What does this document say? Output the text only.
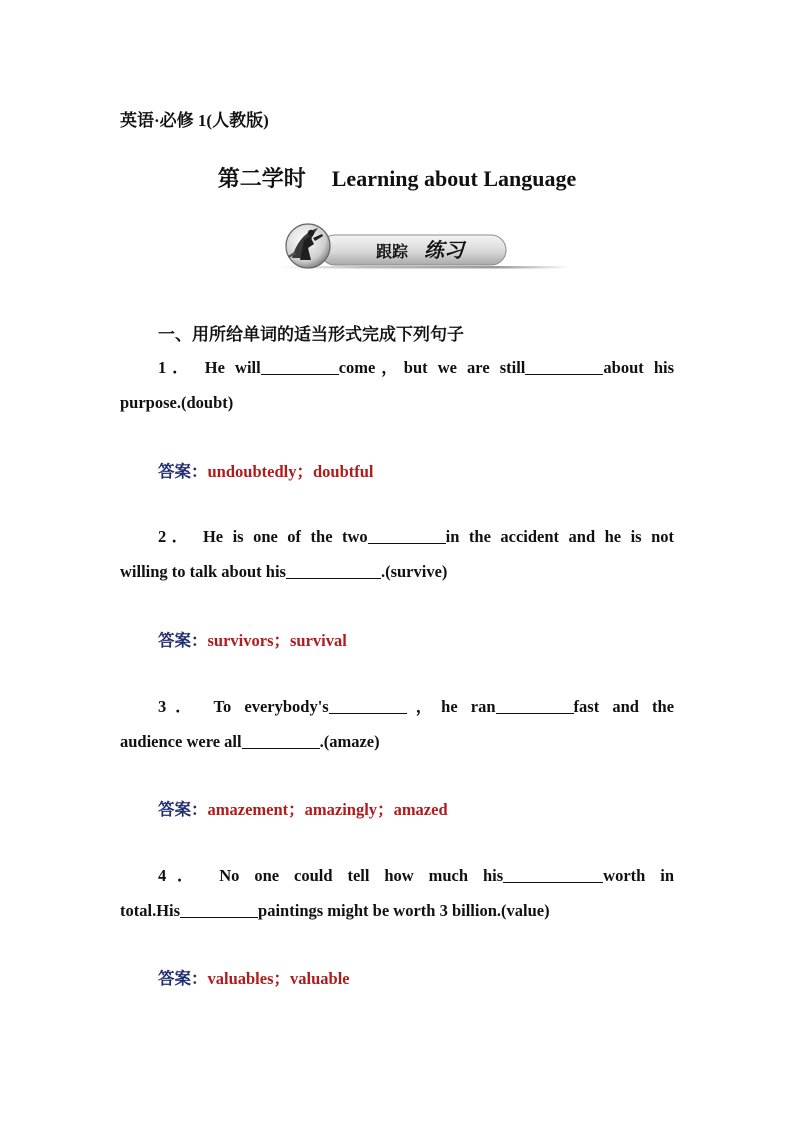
英语·必修 1(人教版)
第二学时 Learning about Language
跟踪 练习
一、用所给单词的适当形式完成下列句子
1． He will	come，but we are still	about his
purpose.(doubt)
答案：undoubtedly；doubtful
2． He is one of the two	in the accident and he is not
willing to talk about his	.(survive)
答案：survivors；survival
3． To everybody's	，he ran	fast and the
audience were all	.(amaze)
答案：amazement；amazingly；amazed
4． No one could tell how much his	worth in
total.His	paintings might be worth 3 billion.(value)
答案：valuables；valuable
